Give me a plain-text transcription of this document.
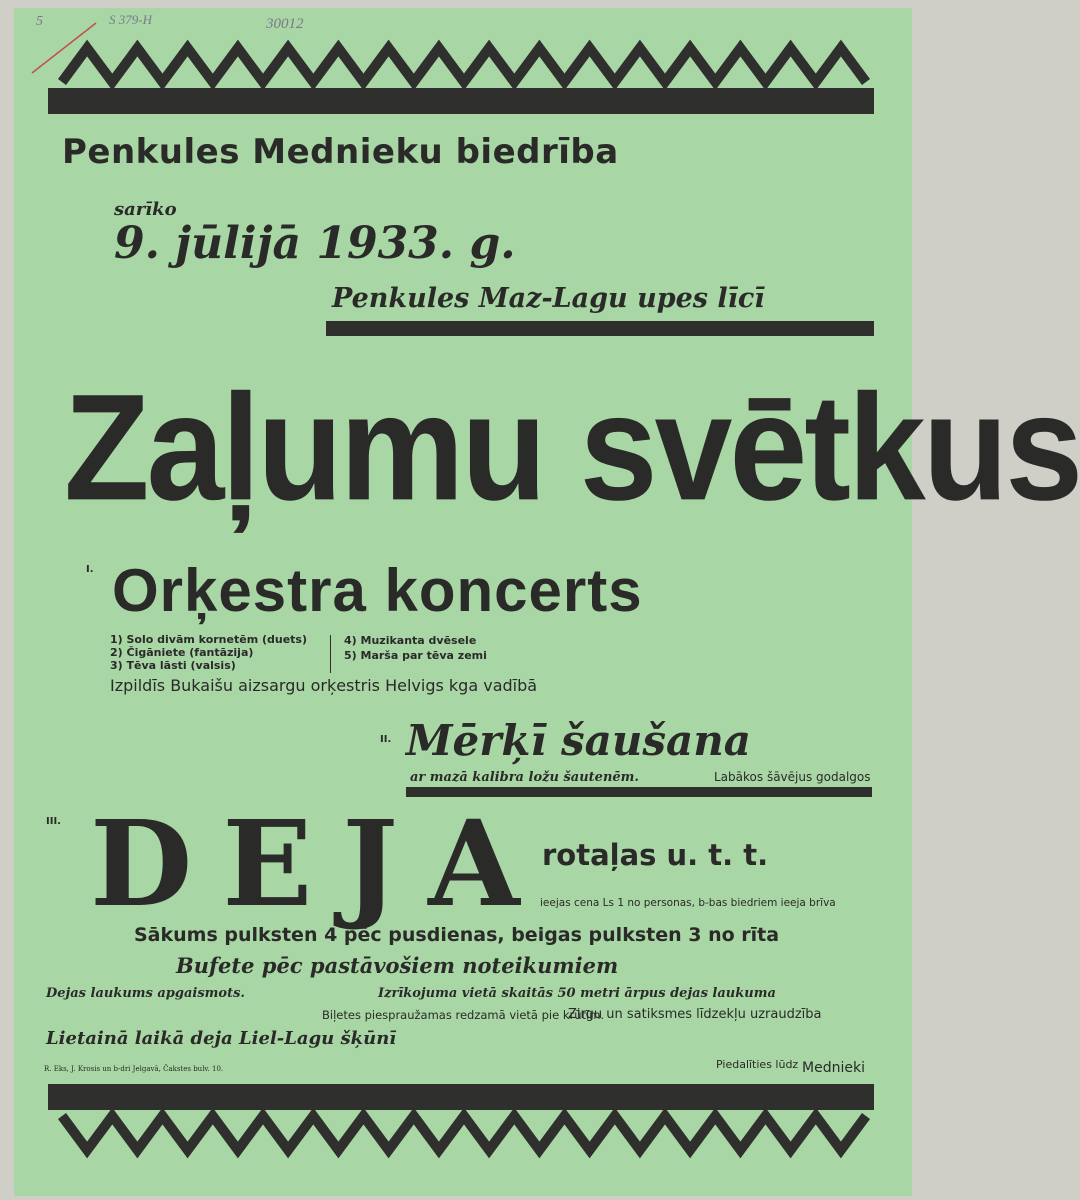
5	S 379-H	30012
Penkules Mednieku biedrība
sarīko
9. jūlijā 1933. g.
Penkules Maz-Lagu upes līcī
Zaļumu svētkus
I. Orķestra koncerts
1) Solo divām kornetēm (duets)
2) Čigāniete (fantāzija)
3) Tēva lāsti (valsis)
4) Muzikanta dvēsele
5) Marša par tēva zemi
Izpildīs Bukaišu aizsargu orķestris Helvigs kga vadībā
II. Mērķī šaušana
ar mazā kalibra ložu šautenēm.	Labākos šāvējus godalgos
III. DEJA
rotaļas u. t. t.
ieejas cena Ls 1 no personas, b-bas biedriem ieeja brīva
Sākums pulksten 4 pēc pusdienas, beigas pulksten 3 no rīta
Bufete pēc pastāvošiem noteikumiem
Dejas laukums apgaismots.	Izrīkojuma vietā skaitās 50 metri ārpus dejas laukuma
Biļetes piespraužamas redzamā vietā pie krūtīm.
Zirgu un satiksmes līdzekļu uzraudzība
Lietainā laikā deja Liel-Lagu šķūnī
R. Eks, J. Krosis un b-dri Jelgavā, Čakstes bulv. 10.	Piedalīties lūdz Mednieki
